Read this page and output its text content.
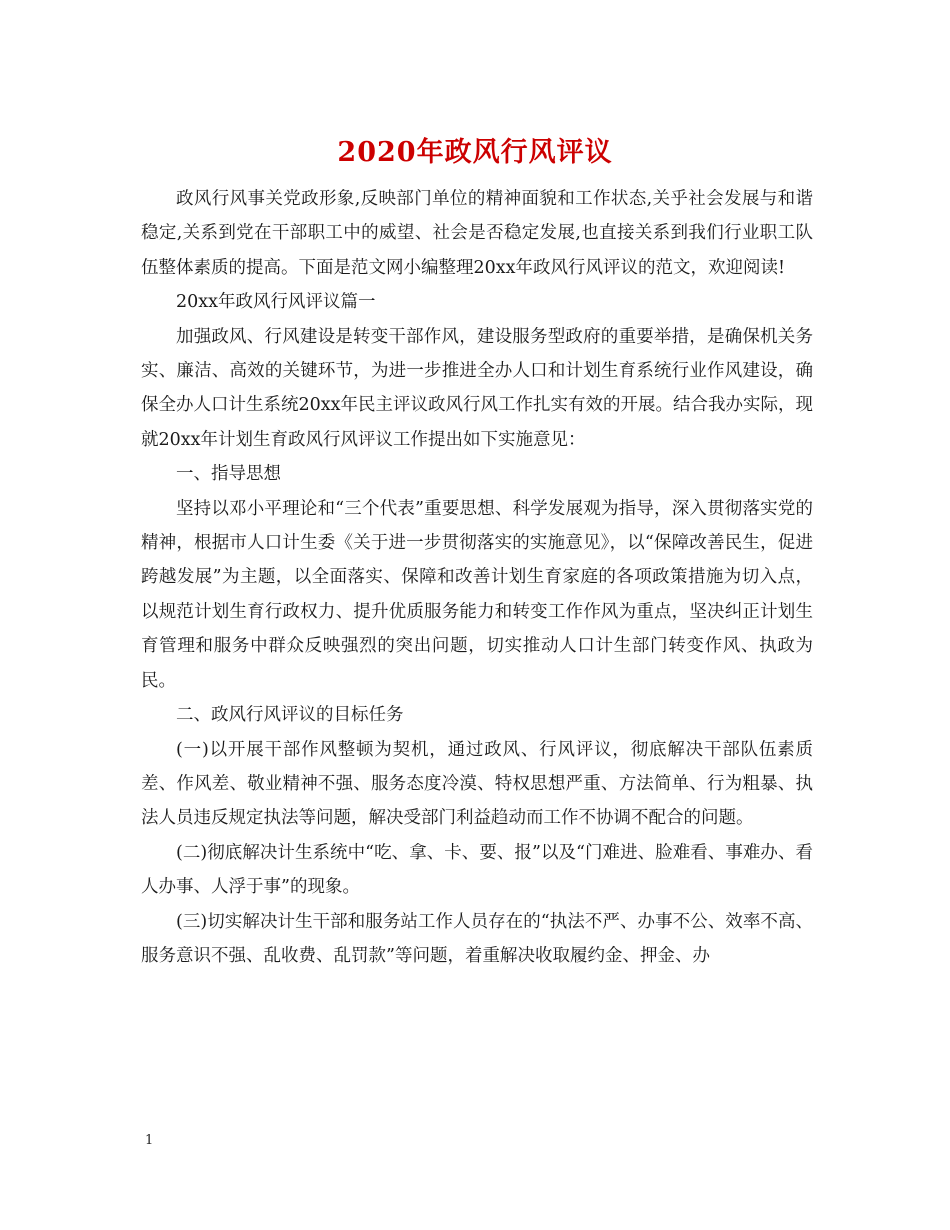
2020年政风行风评议

政风行风事关党政形象,反映部门单位的精神面貌和工作状态,关乎社会发展与和谐稳定,关系到党在干部职工中的威望、社会是否稳定发展,也直接关系到我们行业职工队伍整体素质的提高。下面是范文网小编整理20xx年政风行风评议的范文，欢迎阅读!

20xx年政风行风评议篇一

加强政风、行风建设是转变干部作风，建设服务型政府的重要举措，是确保机关务实、廉洁、高效的关键环节，为进一步推进全办人口和计划生育系统行业作风建设，确保全办人口计生系统20xx年民主评议政风行风工作扎实有效的开展。结合我办实际，现就20xx年计划生育政风行风评议工作提出如下实施意见：

一、指导思想

坚持以邓小平理论和“三个代表”重要思想、科学发展观为指导，深入贯彻落实党的精神，根据市人口计生委《关于进一步贯彻落实的实施意见》，以“保障改善民生，促进跨越发展”为主题，以全面落实、保障和改善计划生育家庭的各项政策措施为切入点，以规范计划生育行政权力、提升优质服务能力和转变工作作风为重点，坚决纠正计划生育管理和服务中群众反映强烈的突出问题，切实推动人口计生部门转变作风、执政为民。

二、政风行风评议的目标任务

(一)以开展干部作风整顿为契机，通过政风、行风评议，彻底解决干部队伍素质差、作风差、敬业精神不强、服务态度冷漠、特权思想严重、方法简单、行为粗暴、执法人员违反规定执法等问题，解决受部门利益趋动而工作不协调不配合的问题。

(二)彻底解决计生系统中“吃、拿、卡、要、报”以及“门难进、脸难看、事难办、看人办事、人浮于事”的现象。

(三)切实解决计生干部和服务站工作人员存在的“执法不严、办事不公、效率不高、服务意识不强、乱收费、乱罚款”等问题，着重解决收取履约金、押金、办

1
